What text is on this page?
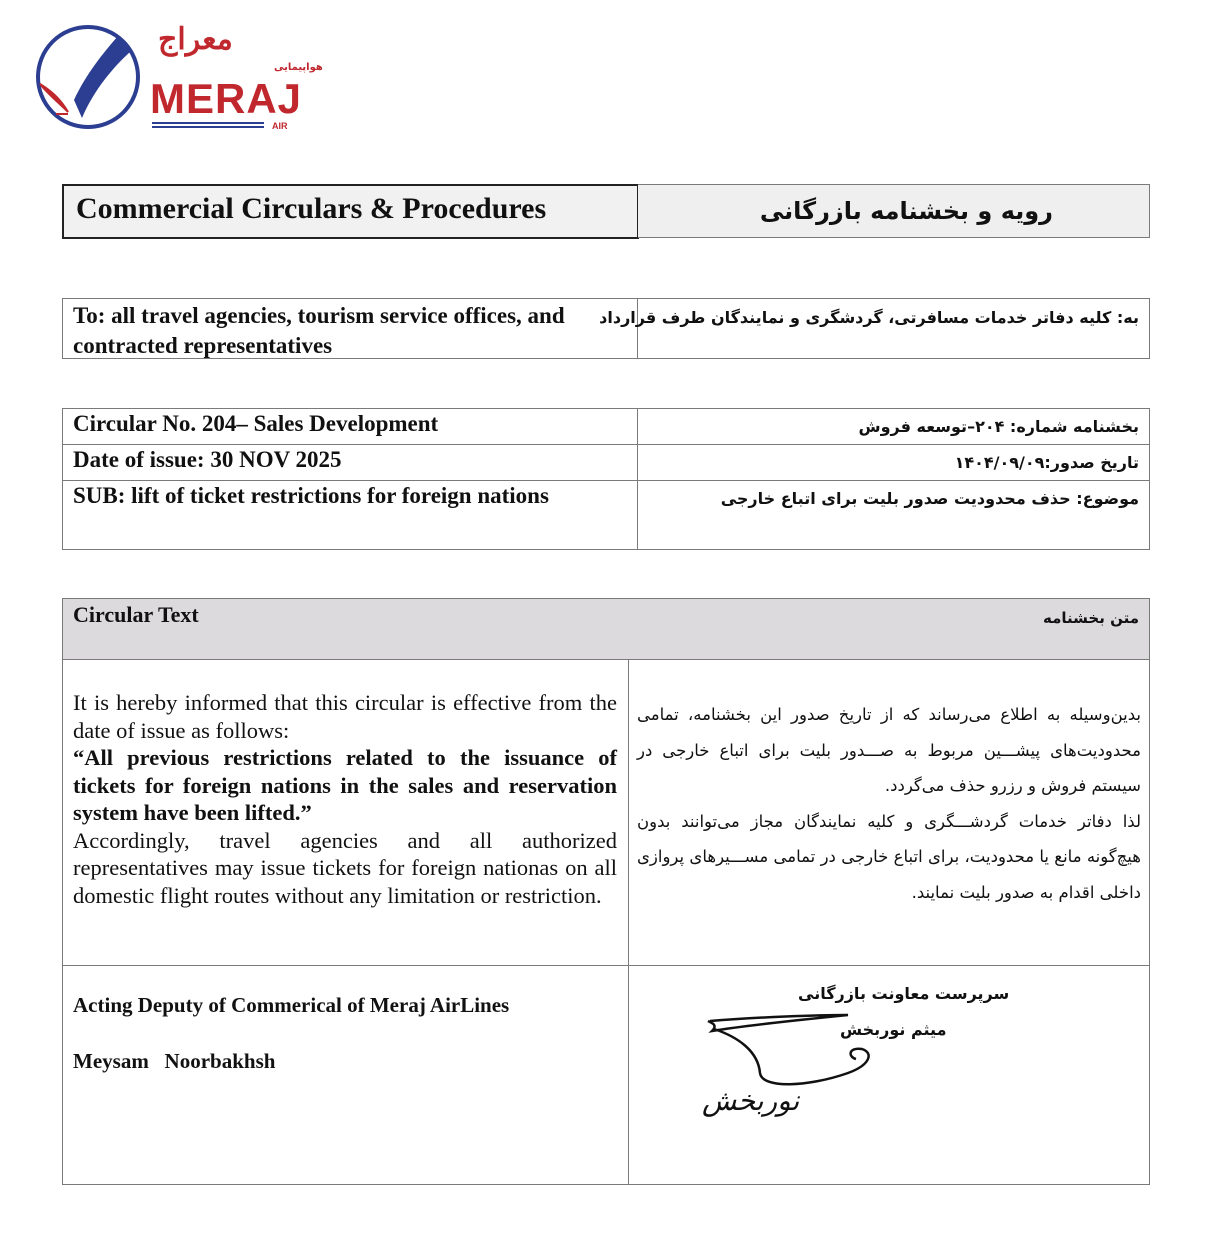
معراج
هواپیمایی
MERAJ
AIR
Commercial Circulars & Procedures	رویه و بخشنامه بازرگانی
To: all travel agencies, tourism service offices, and contracted representatives
به: کلیه دفاتر خدمات مسافرتی، گردشگری و نمایندگان طرف قرارداد
Circular No. 204– Sales Development	بخشنامه شماره: ۲۰۴–توسعه فروش
Date of issue: 30 NOV 2025	تاریخ صدور:۱۴۰۴/۰۹/۰۹
SUB: lift of ticket restrictions for foreign nations	موضوع: حذف محدودیت صدور بلیت برای اتباع خارجی
Circular Text	متن بخشنامه

It is hereby informed that this circular is effective from the date of issue as follows:

“All previous restrictions related to the issuance of tickets for foreign nations in the sales and reservation system have been lifted.”

Accordingly, travel agencies and all authorized representatives may issue tickets for foreign nationas on all domestic flight routes without any limitation or restriction.

بدین‌وسیله به اطلاع می‌رساند که از تاریخ صدور این بخشنامه، تمامی محدودیت‌های پیشـــین مربوط به صـــدور بلیت برای اتباع خارجی در سیستم فروش و رزرو حذف می‌گردد.

لذا دفاتر خدمات گردشـــگری و کلیه نمایندگان مجاز می‌توانند بدون هیچ‌گونه مانع یا محدودیت، برای اتباع خارجی در تمامی مســـیرهای پروازی داخلی اقدام به صدور بلیت نمایند.

Acting Deputy of Commerical of Meraj AirLines
Meysam   Noorbakhsh
سرپرست معاونت بازرگانی
میثم نوربخش
نوربخش
